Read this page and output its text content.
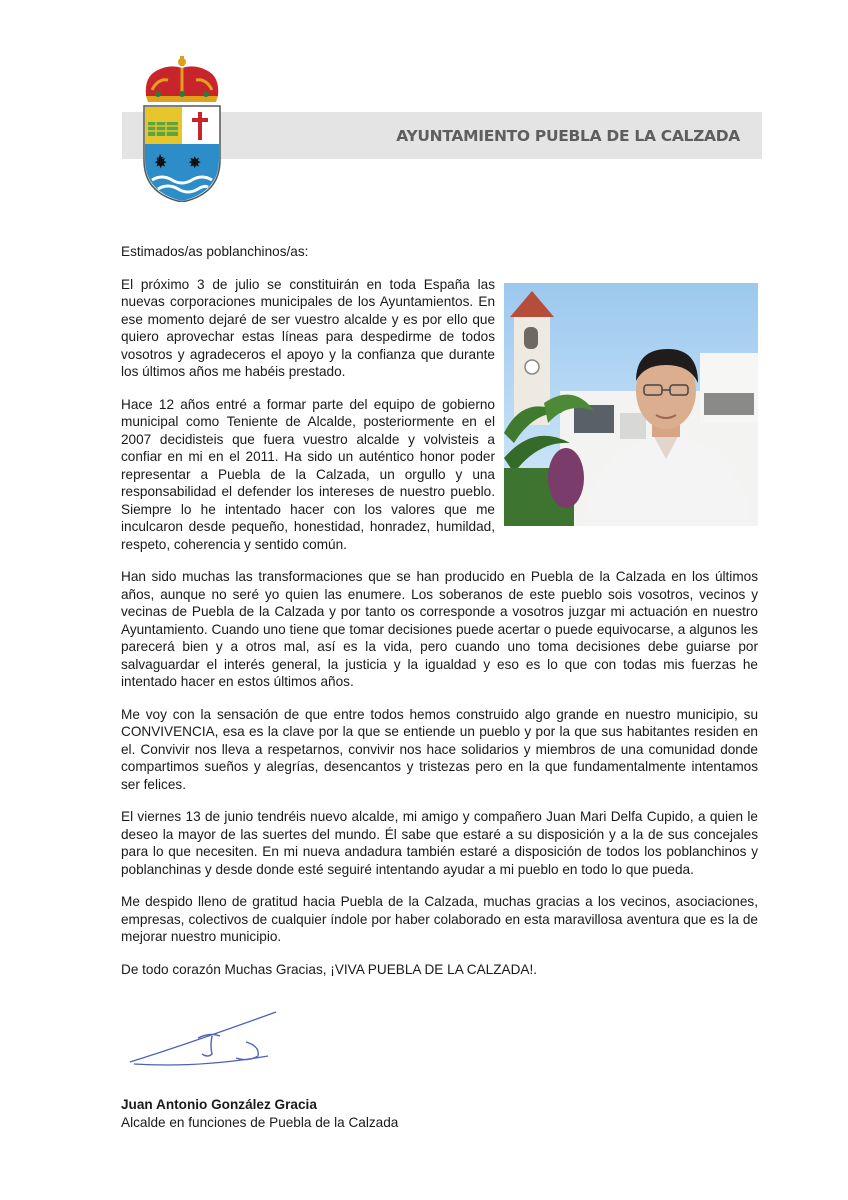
AYUNTAMIENTO PUEBLA DE LA CALZADA
✸ ✸

Estimados/as poblanchinos/as:

El próximo 3 de julio se constituirán en toda España las nuevas corporaciones municipales de los Ayuntamientos. En ese momento dejaré de ser vuestro alcalde y es por ello que quiero aprovechar estas líneas para despedirme de todos vosotros y agradeceros el apoyo y la confianza que durante los últimos años me habéis prestado.

Hace 12 años entré a formar parte del equipo de gobierno municipal como Teniente de Alcalde, posteriormente en el 2007 decidisteis que fuera vuestro alcalde y volvisteis a confiar en mi en el 2011. Ha sido un auténtico honor poder representar a Puebla de la Calzada, un orgullo y una responsabilidad el defender los intereses de nuestro pueblo. Siempre lo he intentado hacer con los valores que me inculcaron desde pequeño, honestidad, honradez, humildad, respeto, coherencia y sentido común.

Han sido muchas las transformaciones que se han producido en Puebla de la Calzada en los últimos años, aunque no seré yo quien las enumere. Los soberanos de este pueblo sois vosotros, vecinos y vecinas de Puebla de la Calzada y por tanto os corresponde a vosotros juzgar mi actuación en nuestro Ayuntamiento. Cuando uno tiene que tomar decisiones puede acertar o puede equivocarse, a algunos les parecerá bien y a otros mal, así es la vida, pero cuando uno toma decisiones debe guiarse por salvaguardar el interés general, la justicia y la igualdad y eso es lo que con todas mis fuerzas he intentado hacer en estos últimos años.

Me voy con la sensación de que entre todos hemos construido algo grande en nuestro municipio, su CONVIVENCIA, esa es la clave por la que se entiende un pueblo y por la que sus habitantes residen en el. Convivir nos lleva a respetarnos, convivir nos hace solidarios y miembros de una comunidad donde compartimos sueños y alegrías, desencantos y tristezas pero en la que fundamentalmente intentamos ser felices.

El viernes 13 de junio tendréis nuevo alcalde, mi amigo y compañero Juan Mari Delfa Cupido, a quien le deseo la mayor de las suertes del mundo. Él sabe que estaré a su disposición y a la de sus concejales para lo que necesiten. En mi nueva andadura también estaré a disposición de todos los poblanchinos y poblanchinas y desde donde esté seguiré intentando ayudar a mi pueblo en todo lo que pueda.

Me despido lleno de gratitud hacia Puebla de la Calzada, muchas gracias a los vecinos, asociaciones, empresas, colectivos de cualquier índole por haber colaborado en esta maravillosa aventura que es la de mejorar nuestro municipio.

De todo corazón Muchas Gracias, ¡VIVA PUEBLA DE LA CALZADA!.

Juan Antonio González Gracia
Alcalde en funciones de Puebla de la Calzada
